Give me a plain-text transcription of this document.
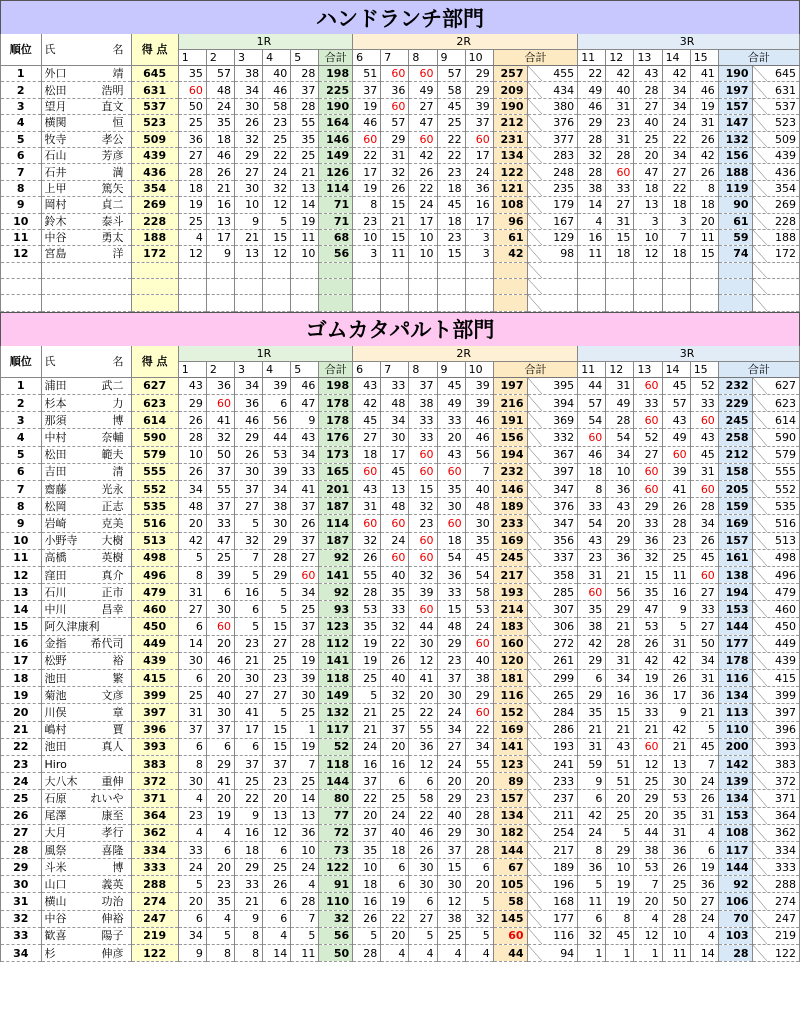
ハンドランチ部門
順位	氏 名	得 点	1R						2R							3R						
			1	2	3	4	5	合計	6	7	8	9	10	合計		11	12	13	14	15	合計	
1	外口 靖	645	35	57	38	40	28	198	51	60	60	57	29	257	455	22	42	43	42	41	190	645
2	松田 浩明	631	60	48	34	46	37	225	37	36	49	58	29	209	434	49	40	28	34	46	197	631
3	望月 直文	537	50	24	30	58	28	190	19	60	27	45	39	190	380	46	31	27	34	19	157	537
4	横関 恒	523	25	35	26	23	55	164	46	57	47	25	37	212	376	29	23	40	24	31	147	523
5	牧寺 孝公	509	36	18	32	25	35	146	60	29	60	22	60	231	377	28	31	25	22	26	132	509
6	石山 芳彦	439	27	46	29	22	25	149	22	31	42	22	17	134	283	32	28	20	34	42	156	439
7	石井 満	436	28	26	27	24	21	126	17	32	26	23	24	122	248	28	60	47	27	26	188	436
8	上甲 篤矢	354	18	21	30	32	13	114	19	26	22	18	36	121	235	38	33	18	22	8	119	354
9	岡村 貞二	269	19	16	10	12	14	71	8	15	24	45	16	108	179	14	27	13	18	18	90	269
10	鈴木 泰斗	228	25	13	9	5	19	71	23	21	17	18	17	96	167	4	31	3	3	20	61	228
11	中谷 勇太	188	4	17	21	15	11	68	10	15	10	23	3	61	129	16	15	10	7	11	59	188
12	宮島 洋	172	12	9	13	12	10	56	3	11	10	15	3	42	98	11	18	12	18	15	74	172

ゴムカタパルト部門
順位	氏 名	得 点	1R						2R							3R						
			1	2	3	4	5	合計	6	7	8	9	10	合計		11	12	13	14	15	合計	
1	浦田 武二	627	43	36	34	39	46	198	43	33	37	45	39	197	395	44	31	60	45	52	232	627
2	杉本 力	623	29	60	36	6	47	178	42	48	38	49	39	216	394	57	49	33	57	33	229	623
3	那須 博	614	26	41	46	56	9	178	45	34	33	33	46	191	369	54	28	60	43	60	245	614
4	中村 奈輔	590	28	32	29	44	43	176	27	30	33	20	46	156	332	60	54	52	49	43	258	590
5	松田 範夫	579	10	50	26	53	34	173	18	17	60	43	56	194	367	46	34	27	60	45	212	579
6	吉田 清	555	26	37	30	39	33	165	60	45	60	60	7	232	397	18	10	60	39	31	158	555
7	齋藤 光永	552	34	55	37	34	41	201	43	13	15	35	40	146	347	8	36	60	41	60	205	552
8	松岡 正志	535	48	37	27	38	37	187	31	48	32	30	48	189	376	33	43	29	26	28	159	535
9	岩崎 克美	516	20	33	5	30	26	114	60	60	23	60	30	233	347	54	20	33	28	34	169	516
10	小野寺 大樹	513	42	47	32	29	37	187	32	24	60	18	35	169	356	43	29	36	23	26	157	513
11	高橋 英樹	498	5	25	7	28	27	92	26	60	60	54	45	245	337	23	36	32	25	45	161	498
12	窪田 真介	496	8	39	5	29	60	141	55	40	32	36	54	217	358	31	21	15	11	60	138	496
13	石川 正市	479	31	6	16	5	34	92	28	35	39	33	58	193	285	60	56	35	16	27	194	479
14	中川 昌幸	460	27	30	6	5	25	93	53	33	60	15	53	214	307	35	29	47	9	33	153	460
15	阿久津康利	450	6	60	5	15	37	123	35	32	44	48	24	183	306	38	21	53	5	27	144	450
16	金指 希代司	449	14	20	23	27	28	112	19	22	30	29	60	160	272	42	28	26	31	50	177	449
17	松野 裕	439	30	46	21	25	19	141	19	26	12	23	40	120	261	29	31	42	42	34	178	439
18	池田 繁	415	6	20	30	23	39	118	25	40	41	37	38	181	299	6	34	19	26	31	116	415
19	菊池 文彦	399	25	40	27	27	30	149	5	32	20	30	29	116	265	29	16	36	17	36	134	399
20	川俣 章	397	31	30	41	5	25	132	21	25	22	24	60	152	284	35	15	33	9	21	113	397
21	嶋村 賈	396	37	37	17	15	1	117	21	37	55	34	22	169	286	21	21	21	42	5	110	396
22	池田 真人	393	6	6	6	15	19	52	24	20	36	27	34	141	193	31	43	60	21	45	200	393
23	Hiro	383	8	29	37	37	7	118	16	16	12	24	55	123	241	59	51	12	13	7	142	383
24	大八木 重伸	372	30	41	25	23	25	144	37	6	6	20	20	89	233	9	51	25	30	24	139	372
25	石原 れいや	371	4	20	22	20	14	80	22	25	58	29	23	157	237	6	20	29	53	26	134	371
26	尾澤 康至	364	23	19	9	13	13	77	20	24	22	40	28	134	211	42	25	20	35	31	153	364
27	大月 孝行	362	4	4	16	12	36	72	37	40	46	29	30	182	254	24	5	44	31	4	108	362
28	風祭 喜隆	334	33	6	18	6	10	73	35	18	26	37	28	144	217	8	29	38	36	6	117	334
29	斗米 博	333	24	20	29	25	24	122	10	6	30	15	6	67	189	36	10	53	26	19	144	333
30	山口 義英	288	5	23	33	26	4	91	18	6	30	30	20	105	196	5	19	7	25	36	92	288
31	横山 功治	274	20	35	21	6	28	110	16	19	6	12	5	58	168	11	19	20	50	27	106	274
32	中谷 伸裕	247	6	4	9	6	7	32	26	22	27	38	32	145	177	6	8	4	28	24	70	247
33	歓喜 陽子	219	34	5	8	4	5	56	5	20	5	25	5	60	116	32	45	12	10	4	103	219
34	杉 伸彦	122	9	8	8	14	11	50	28	4	4	4	4	44	94	1	1	1	11	14	28	122
